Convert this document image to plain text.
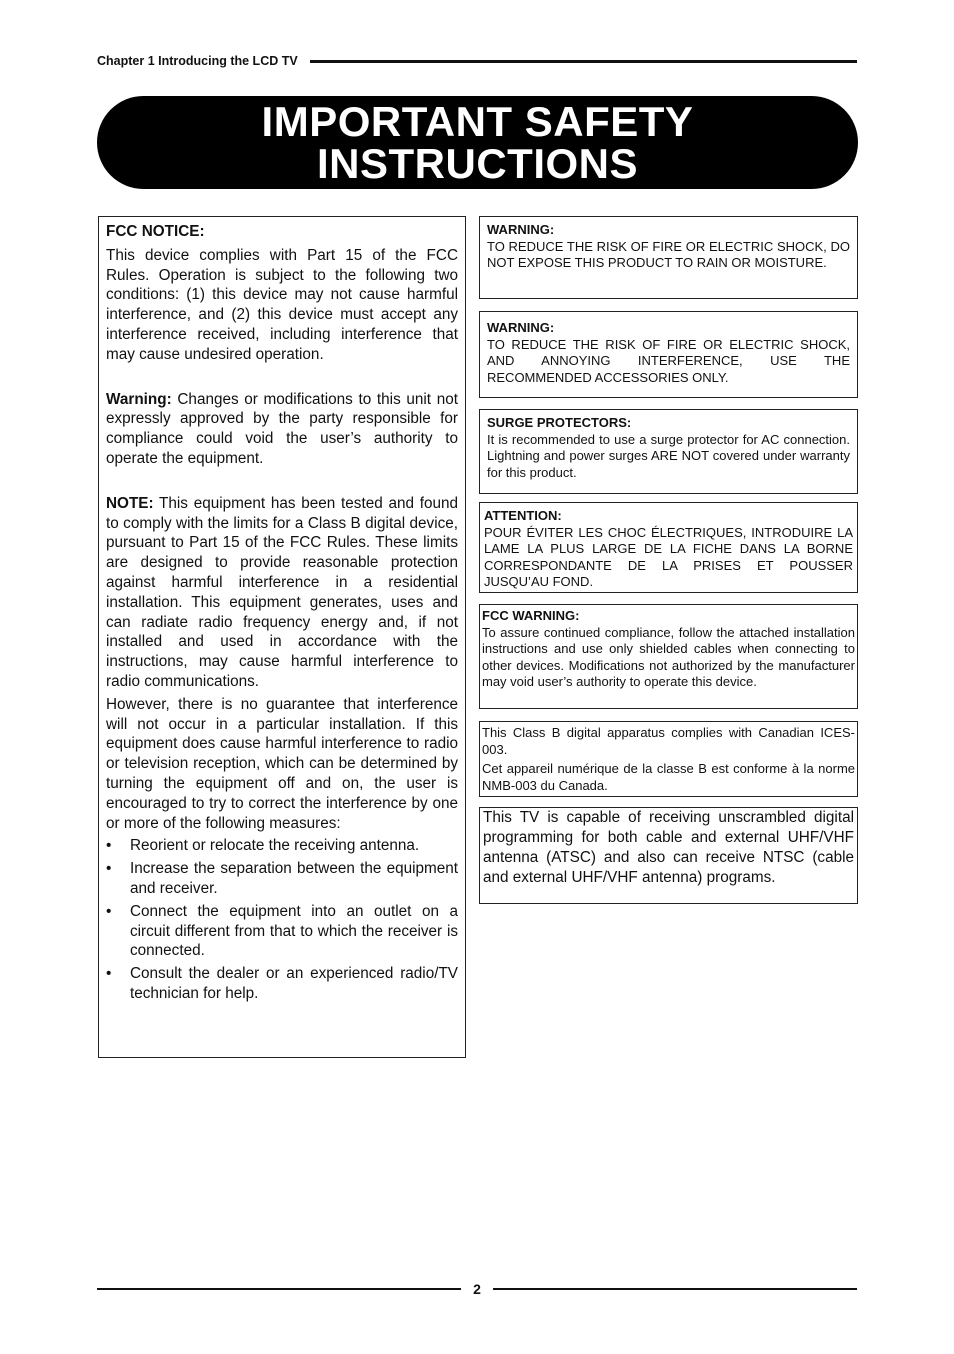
Chapter 1 Introducing the LCD TV
IMPORTANT SAFETY
INSTRUCTIONS

FCC NOTICE:

This device complies with Part 15 of the FCC Rules. Operation is subject to the following two conditions: (1) this device may not cause harmful interference, and (2) this device must accept any interference received, including interference that may cause undesired operation.

Warning: Changes or modifications to this unit not expressly approved by the party responsible for compliance could void the user’s authority to operate the equipment.

NOTE: This equipment has been tested and found to comply with the limits for a Class B digital device, pursuant to Part 15 of the FCC Rules. These limits are designed to provide reasonable protection against harmful interference in a residential installation. This equipment generates, uses and can radiate radio frequency energy and, if not installed and used in accordance with the instructions, may cause harmful interference to radio communications.

However, there is no guarantee that interference will not occur in a particular installation. If this equipment does cause harmful interference to radio or television reception, which can be determined by turning the equipment off and on, the user is encouraged to try to correct the interference by one or more of the following measures:

• Reorient or relocate the receiving antenna.
• Increase the separation between the equipment and receiver.
• Connect the equipment into an outlet on a circuit different from that to which the receiver is connected.
• Consult the dealer or an experienced radio/TV technician for help.

WARNING:

TO REDUCE THE RISK OF FIRE OR ELECTRIC SHOCK, DO NOT EXPOSE THIS PRODUCT TO RAIN OR MOISTURE.

WARNING:

TO REDUCE THE RISK OF FIRE OR ELECTRIC SHOCK, AND ANNOYING INTERFERENCE, USE THE RECOMMENDED ACCESSORIES ONLY.

SURGE PROTECTORS:

It is recommended to use a surge protector for AC connection. Lightning and power surges ARE NOT covered under warranty for this product.

ATTENTION:

POUR ÉVITER LES CHOC ÉLECTRIQUES, INTRODUIRE LA LAME LA PLUS LARGE DE LA FICHE DANS LA BORNE CORRESPONDANTE DE LA PRISES ET POUSSER JUSQU’AU FOND.

FCC WARNING:

To assure continued compliance, follow the attached installation instructions and use only shielded cables when connecting to other devices. Modifications not authorized by the manufacturer may void user’s authority to operate this device.

This Class B digital apparatus complies with Canadian ICES-003.

Cet appareil numérique de la classe B est conforme à la norme NMB-003 du Canada.

This TV is capable of receiving unscrambled digital programming for both cable and external UHF/VHF antenna (ATSC) and also can receive NTSC (cable and external UHF/VHF antenna) programs.

2
